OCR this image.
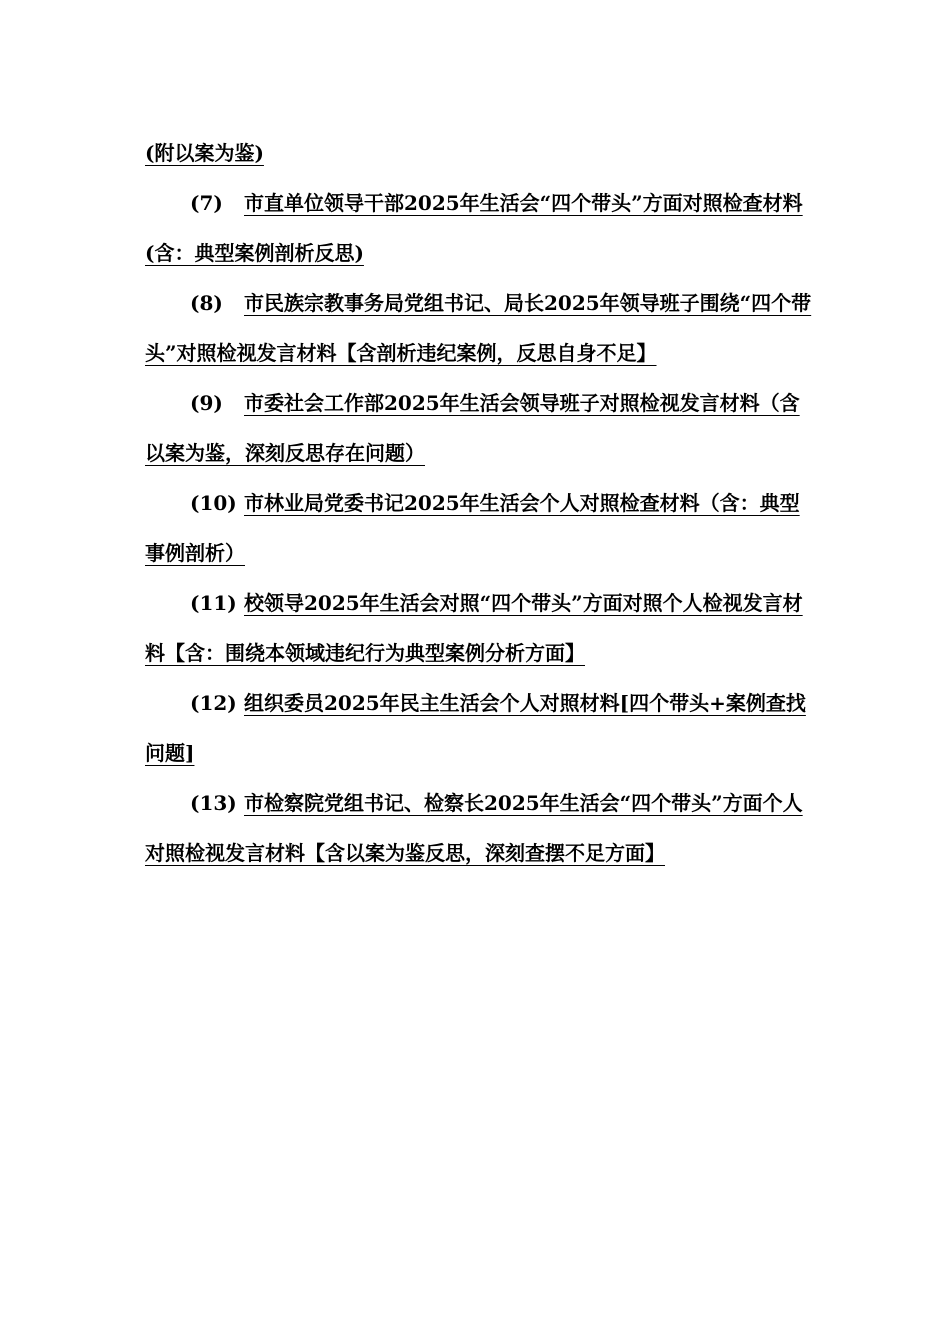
(附以案为鉴)

(7) 市直单位领导干部2025年生活会“四个带头”方面对照检查材料(含：典型案例剖析反思)

(8) 市民族宗教事务局党组书记、局长2025年领导班子围绕“四个带头”对照检视发言材料【含剖析违纪案例，反思自身不足】

(9) 市委社会工作部2025年生活会领导班子对照检视发言材料（含以案为鉴，深刻反思存在问题）

(10) 市林业局党委书记2025年生活会个人对照检查材料（含：典型事例剖析）

(11) 校领导2025年生活会对照“四个带头”方面对照个人检视发言材料【含：围绕本领域违纪行为典型案例分析方面】

(12) 组织委员2025年民主生活会个人对照材料[四个带头+案例查找问题]

(13) 市检察院党组书记、检察长2025年生活会“四个带头”方面个人对照检视发言材料【含以案为鉴反思，深刻查摆不足方面】
